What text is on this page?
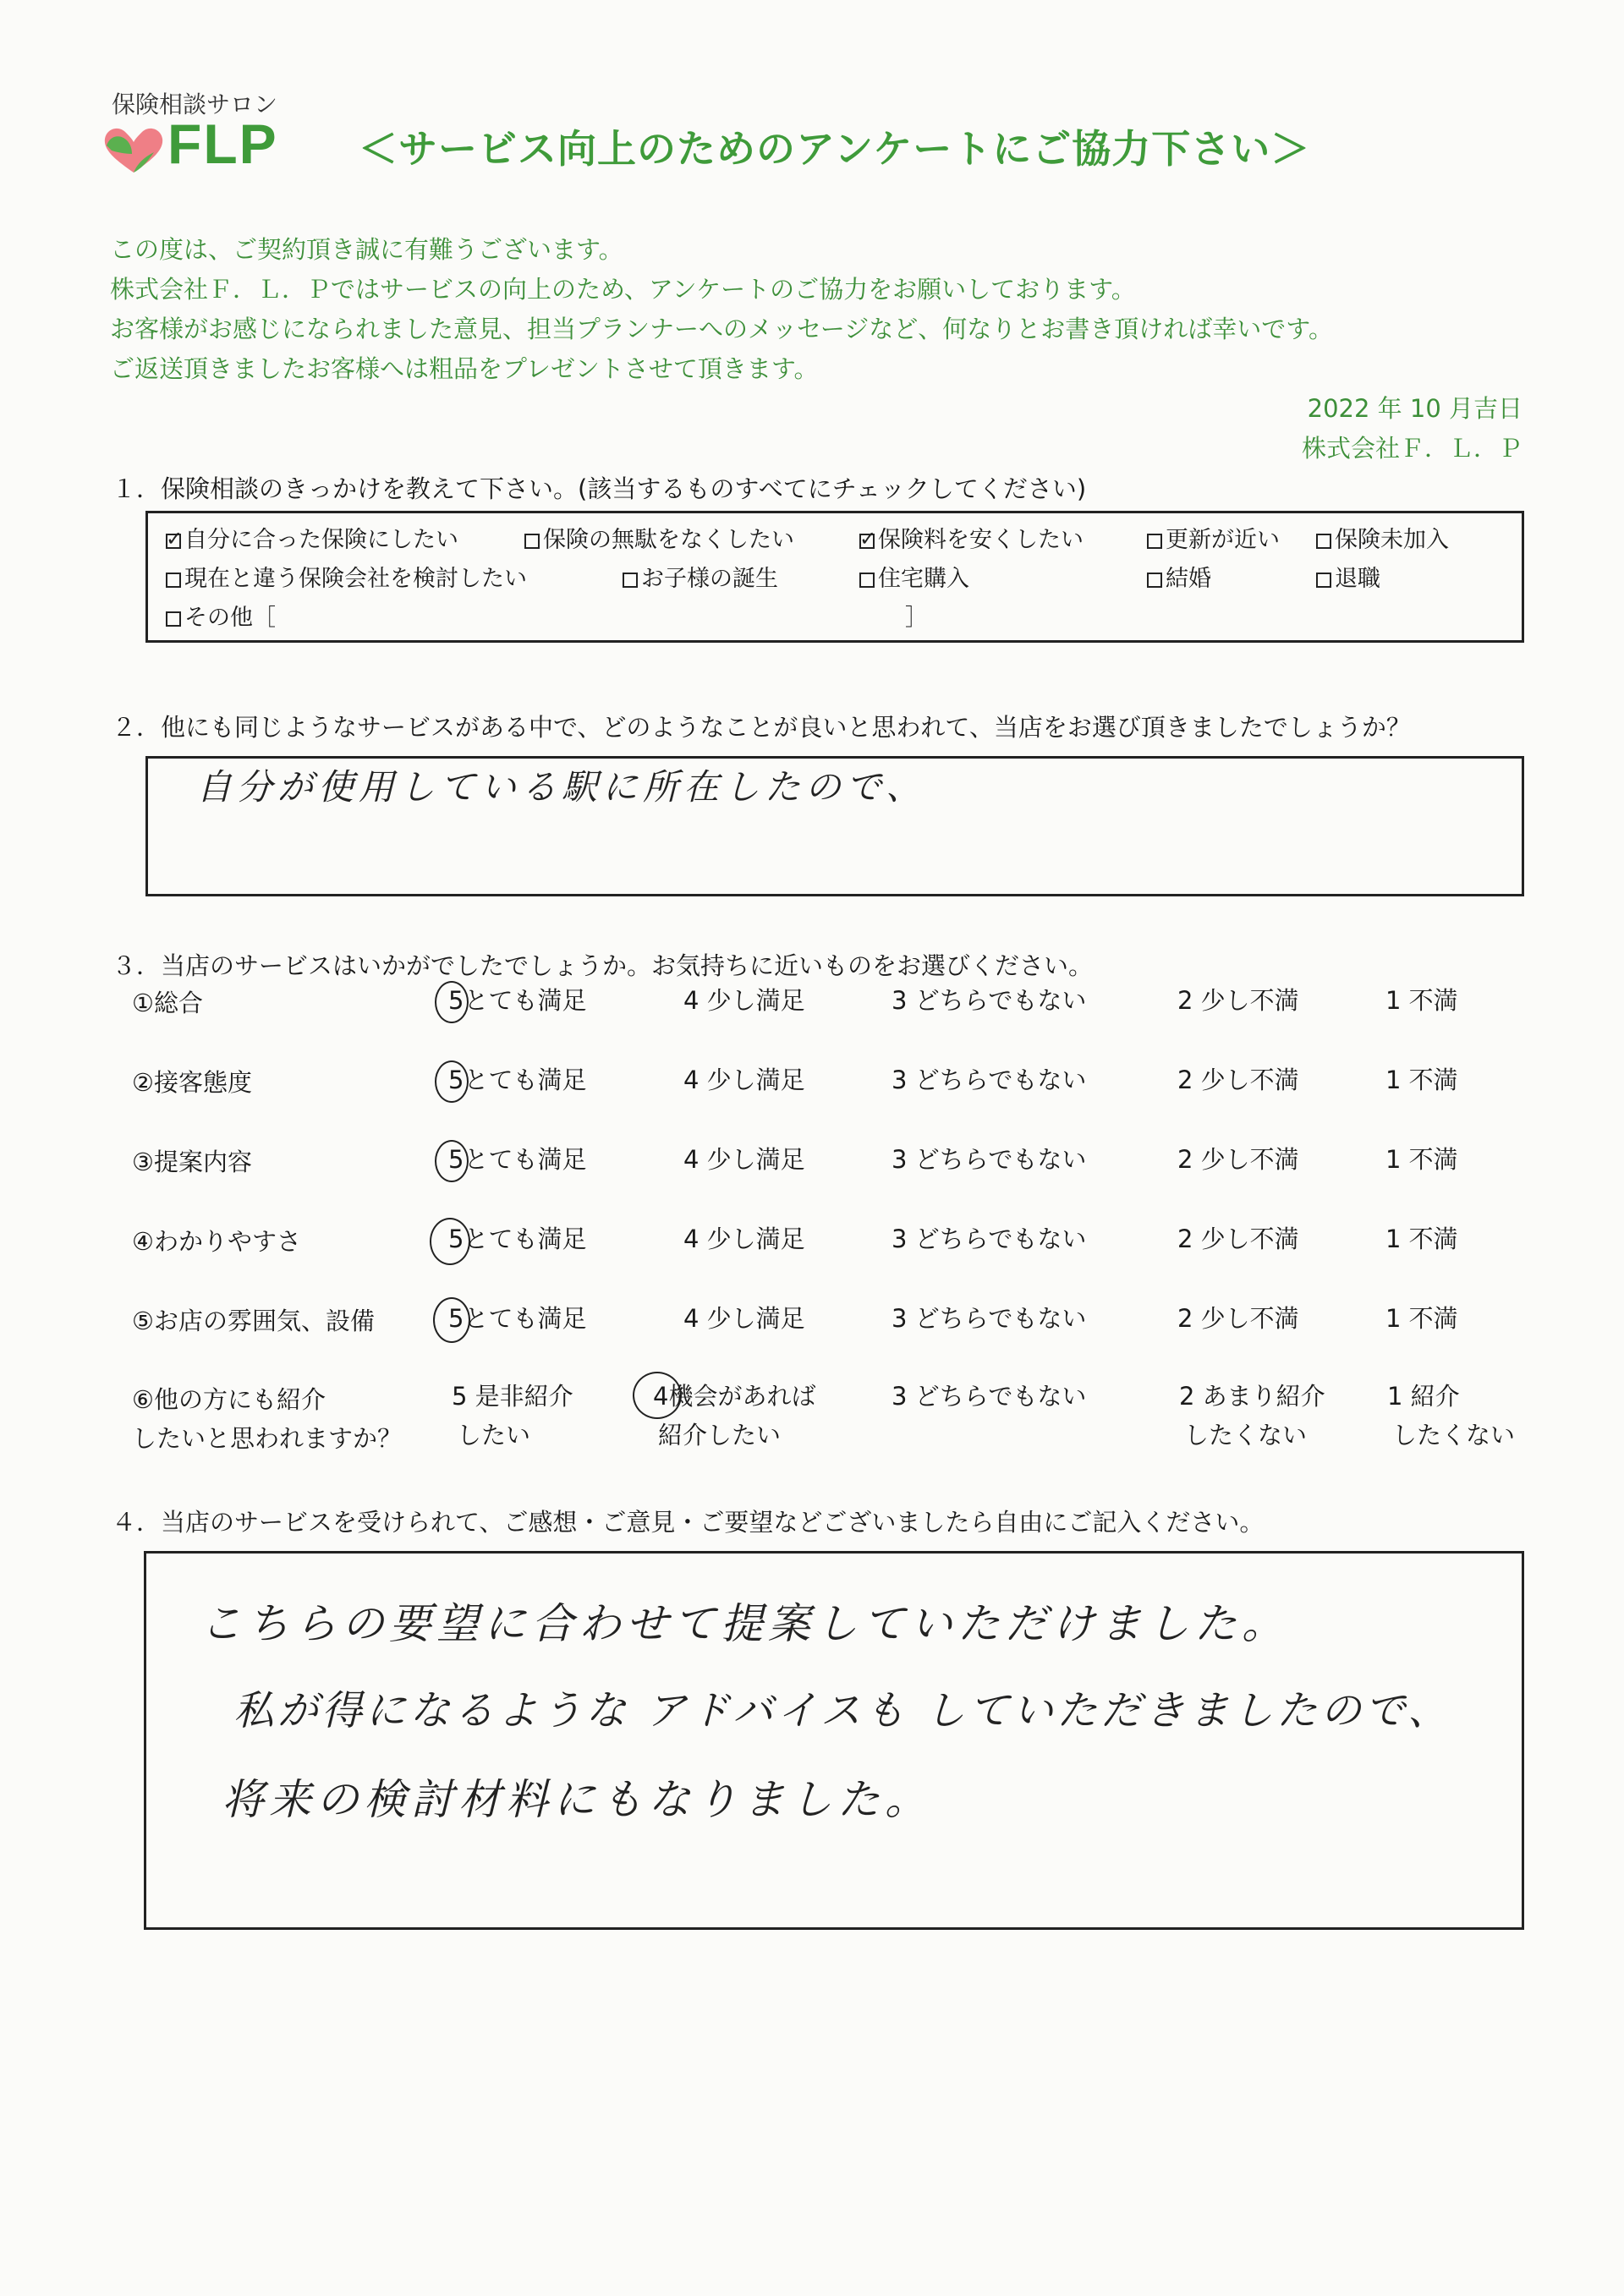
保険相談サロン
FLP ＜サービス向上のためのアンケートにご協力下さい＞
この度は、ご契約頂き誠に有難うございます。
株式会社Ｆ．Ｌ．Ｐではサービスの向上のため、アンケートのご協力をお願いしております。
お客様がお感じになられました意見、担当プランナーへのメッセージなど、何なりとお書き頂ければ幸いです。
ご返送頂きましたお客様へは粗品をプレゼントさせて頂きます。
2022 年 10 月吉日
株式会社Ｆ．Ｌ．Ｐ
１．保険相談のきっかけを教えて下さい。(該当するものすべてにチェックしてください)
✓自分に合った保険にしたい	保険の無駄をなくしたい
✓	保険料を安くしたい	更新が近い	保険未加入
現在と違う保険会社を検討したい	お子様の誕生	住宅購入	結婚	退職
その他［	］
２．他にも同じようなサービスがある中で、どのようなことが良いと思われて、当店をお選び頂きましたでしょうか？
自分が使用している駅に所在したので、
３．当店のサービスはいかがでしたでしょうか。お気持ちに近いものをお選びください。
①総合	5とても満足	4 少し満足	3 どちらでもない	2 少し不満	1 不満
②接客態度	5とても満足	4 少し満足	3 どちらでもない	2 少し不満	1 不満
③提案内容	5とても満足	4 少し満足	3 どちらでもない	2 少し不満	1 不満
④わかりやすさ	5とても満足	4 少し満足	3 どちらでもない	2 少し不満	1 不満
⑤お店の雰囲気、設備	5とても満足	4 少し満足	3 どちらでもない	2 少し不満	1 不満
⑥他の方にも紹介
したいと思われますか？
5 是非紹介
したい
4機会があれば
紹介したい
3 どちらでもない	2 あまり紹介
したくない
1 紹介
したくない
４．当店のサービスを受けられて、ご感想・ご意見・ご要望などございましたら自由にご記入ください。
こちらの要望に合わせて提案していただけました。
私が得になるような アドバイスも していただきましたので、
将来の検討材料にもなりました。
